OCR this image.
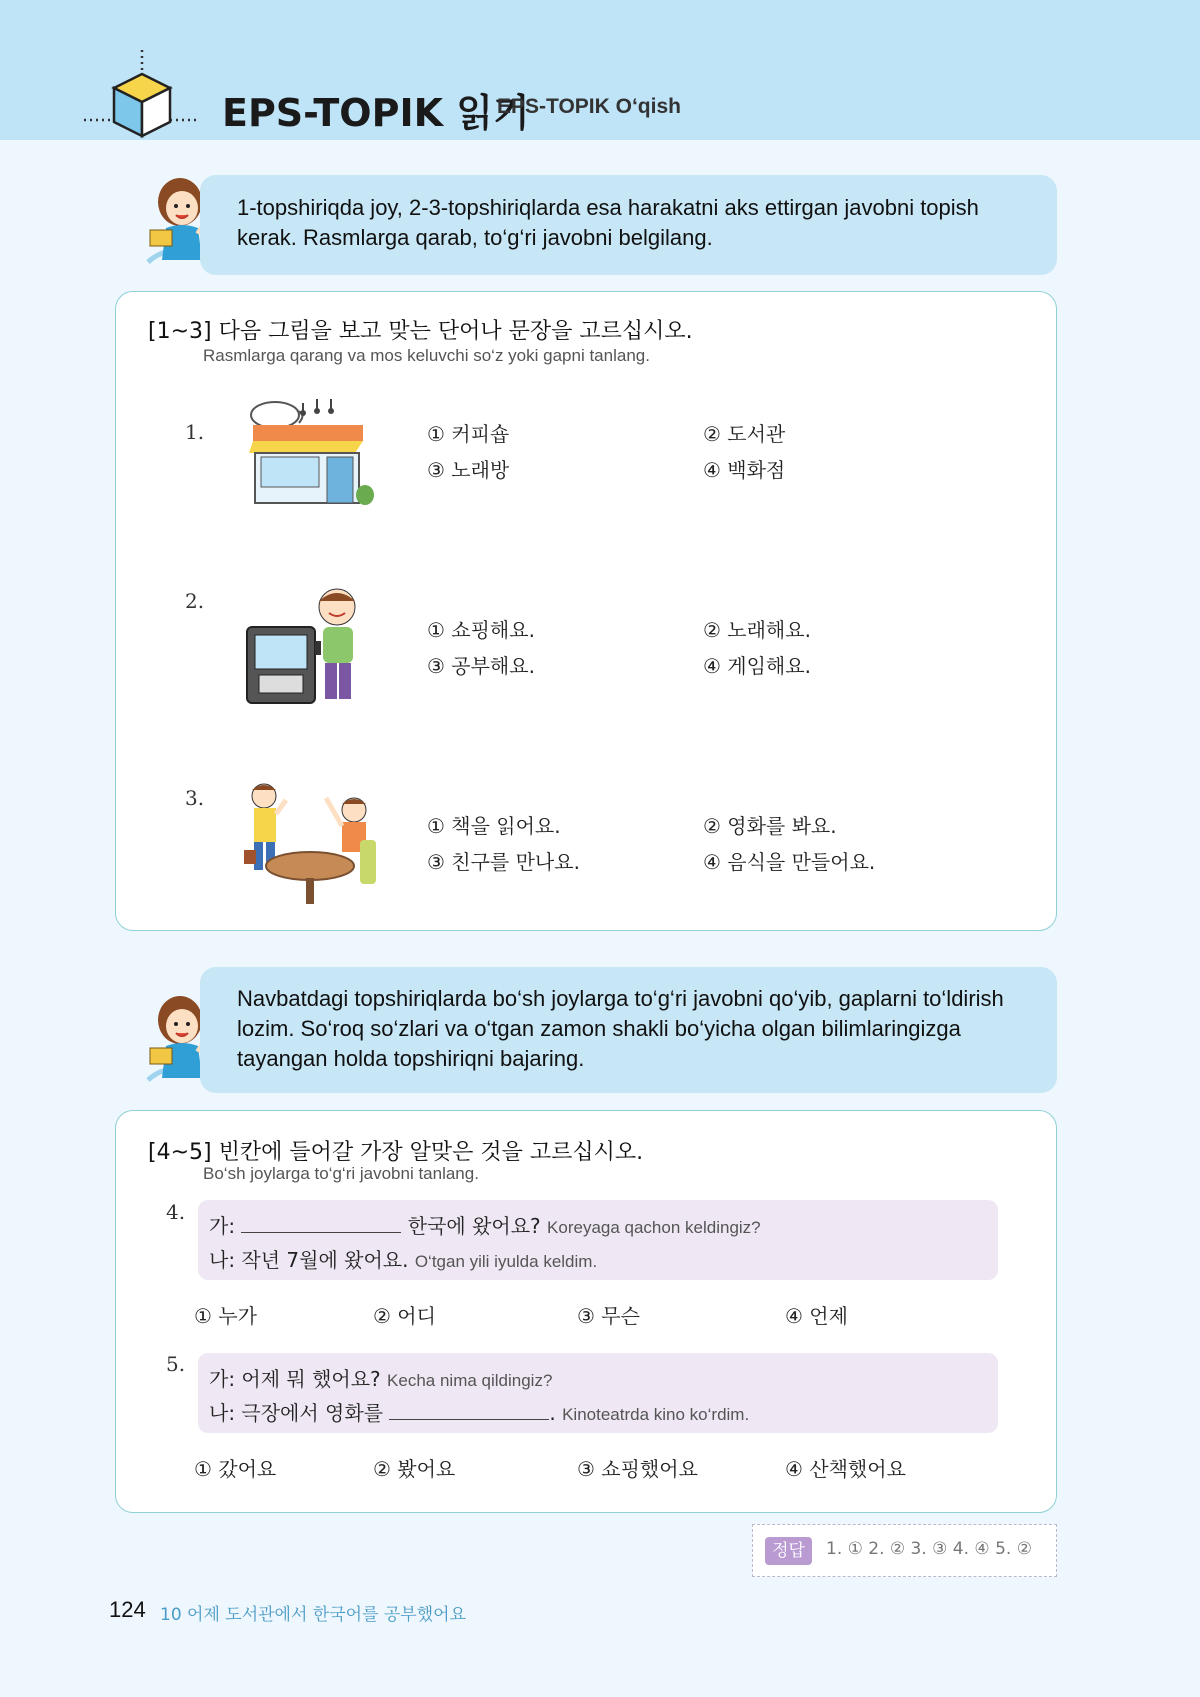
EPS-TOPIK 읽기
EPS-TOPIK O‘qish

1-topshiriqda joy, 2-3-topshiriqlarda esa harakatni aks ettirgan javobni topish kerak. Rasmlarga qarab, to‘g‘ri javobni belgilang.

[1~3] 다음 그림을 보고 맞는 단어나 문장을 고르십시오.
Rasmlarga qarang va mos keluvchi so‘z yoki gapni tanlang.
1.	① 커피숍	② 도서관
③ 노래방	④ 백화점
2.
① 쇼핑해요.	② 노래해요.
③ 공부해요.	④ 게임해요.
3.
① 책을 읽어요.	② 영화를 봐요.
③ 친구를 만나요.	④ 음식을 만들어요.

Navbatdagi topshiriqlarda bo‘sh joylarga to‘g‘ri javobni qo‘yib, gaplarni to‘ldirish lozim. So‘roq so‘zlari va o‘tgan zamon shakli bo‘yicha olgan bilimlaringizga tayangan holda topshiriqni bajaring.

[4~5] 빈칸에 들어갈 가장 알맞은 것을 고르십시오.
Bo‘sh joylarga to‘g‘ri javobni tanlang.
4.
가:	한국에 왔어요? Koreyaga qachon keldingiz?
나: 작년 7월에 왔어요. O‘tgan yili iyulda keldim.
① 누가	② 어디	③ 무슨	④ 언제
5.
가: 어제 뭐 했어요? Kecha nima qildingiz?
나: 극장에서 영화를	. Kinoteatrda kino ko‘rdim.
① 갔어요	② 봤어요	③ 쇼핑했어요	④ 산책했어요
정답	1. ① 2. ② 3. ③ 4. ④ 5. ②
124 10 어제 도서관에서 한국어를 공부했어요
